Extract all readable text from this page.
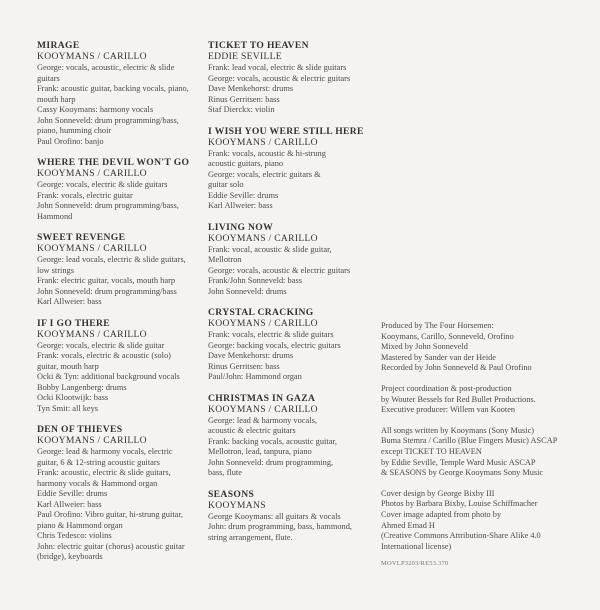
MIRAGE

KOOYMANS / CARILLO

George: vocals, acoustic, electric & slide

guitars

Frank: acoustic guitar, backing vocals, piano,

mouth harp

Cassy Kooymans: harmony vocals

John Sonneveld: drum programming/bass,

piano, humming choir

Paul Orofino: banjo

WHERE THE DEVIL WON'T GO

KOOYMANS / CARILLO

George: vocals, electric & slide guitars

Frank: vocals, electric guitar

John Sonneveld: drum programming/bass,

Hammond

SWEET REVENGE

KOOYMANS / CARILLO

George: lead vocals, electric & slide guitars,

low strings

Frank: electric guitar, vocals, mouth harp

John Sonneveld: drum programming/bass

Karl Allweier: bass

IF I GO THERE

KOOYMANS / CARILLO

George: vocals, electric & slide guitar

Frank: vocals, electric & acoustic (solo)

guitar, mouth harp

Ocki & Tyn: additional background vocals

Bobby Langenberg: drums

Ocki Klootwijk: bass

Tyn Smit: all keys

DEN OF THIEVES

KOOYMANS / CARILLO

George: lead & harmony vocals, electric

guitar, 6 & 12-string acoustic guitars

Frank: acoustic, electric & slide guitars,

harmony vocals & Hammond organ

Eddie Seville: drums

Karl Allweier: bass

Paul Orofino: Vibro guitar, hi-strung guitar,

piano & Hammond organ

Chris Tedesco: violins

John: electric guitar (chorus) acoustic guitar

(bridge), keyboards

TICKET TO HEAVEN

EDDIE SEVILLE

Frank: lead vocal, electric & slide guitars

George: vocals, acoustic & electric guitars

Dave Menkehorst: drums

Rinus Gerritsen: bass

Staf Dierckx: violin

I WISH YOU WERE STILL HERE

KOOYMANS / CARILLO

Frank: vocals, acoustic & hi-strung

acoustic guitars, piano

George: vocals, electric guitars &

guitar solo

Eddie Seville: drums

Karl Allweier: bass

LIVING NOW

KOOYMANS / CARILLO

Frank: vocal, acoustic & slide guitar,

Mellotron

George: vocals, acoustic & electric guitars

Frank/John Sonneveld: bass

John Sonneveld: drums

CRYSTAL CRACKING

KOOYMANS / CARILLO

Frank: vocals, electric & slide guitars

George: backing vocals, electric guitars

Dave Menkehorst: drums

Rinus Gerritsen: bass

Paul/John: Hammond organ

CHRISTMAS IN GAZA

KOOYMANS / CARILLO

George: lead & harmony vocals,

acoustic & electric guitars

Frank: backing vocals, acoustic guitar,

Mellotron, lead, tanpura, piano

John Sonneveld: drum programming,

bass, flute

SEASONS

KOOYMANS

George Kooymans: all guitars & vocals

John: drum programming, bass, hammond,

string arrangement, flute.

Produced by The Four Horsemen:

Kooymans, Carillo, Sonneveld, Orofino

Mixed by John Sonneveld

Mastered by Sander van der Heide

Recorded by John Sonneveld & Paul Orofino

Project coordination & post-production

by Wouter Bessels for Red Bullet Productions.

Executive producer: Willem van Kooten

All songs written by Kooymans (Sony Music)

Buma Stemra / Carillo (Blue Fingers Music) ASCAP

except TICKET TO HEAVEN

by Eddie Seville, Temple Ward Music ASCAP

& SEASONS by George Kooymans Sony Music

Cover design by George Bixby III

Photos by Barbara Bixby, Louise Schiffmacher

Cover image adapted from photo by

Ahmed Emad H

(Creative Commons Attribution-Share Alike 4.0

International license)

MOVLP3203/RE53.370
